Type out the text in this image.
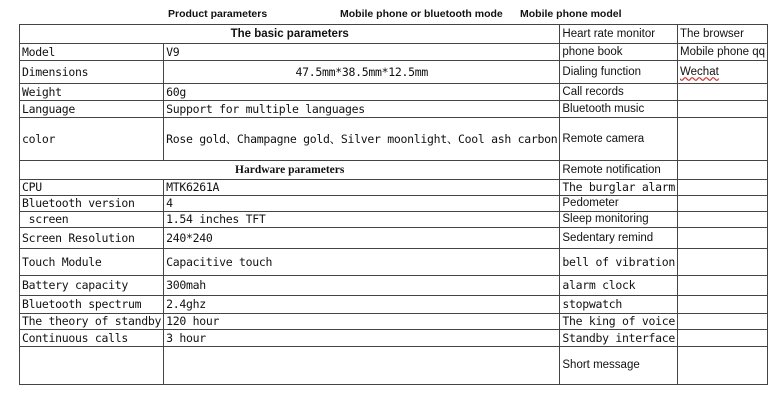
Product parameters	Mobile phone or bluetooth mode Mobile phone model
The basic parameters		Heart rate monitor	The browser
Model	V9	phone book	Mobile phone qq
Dimensions	47.5mm*38.5mm*12.5mm	Dialing function	Wechat
Weight	60g	Call records	
Language	Support for multiple languages	Bluetooth music	
color	Rose gold、Champagne gold、Silver moonlight、Cool ash carbon	Remote camera	
Hardware parameters		Remote notification	
CPU	MTK6261A	The burglar alarm	
Bluetooth version	4	Pedometer	
screen	1.54 inches TFT	Sleep monitoring	
Screen Resolution	240*240	Sedentary remind	
Touch Module	Capacitive touch	bell of vibration	
Battery capacity	300mah	alarm clock	
Bluetooth spectrum	2.4ghz	stopwatch	
The theory of standby	120 hour	The king of voice	
Continuous calls	3 hour	Standby interface	
		Short message	
